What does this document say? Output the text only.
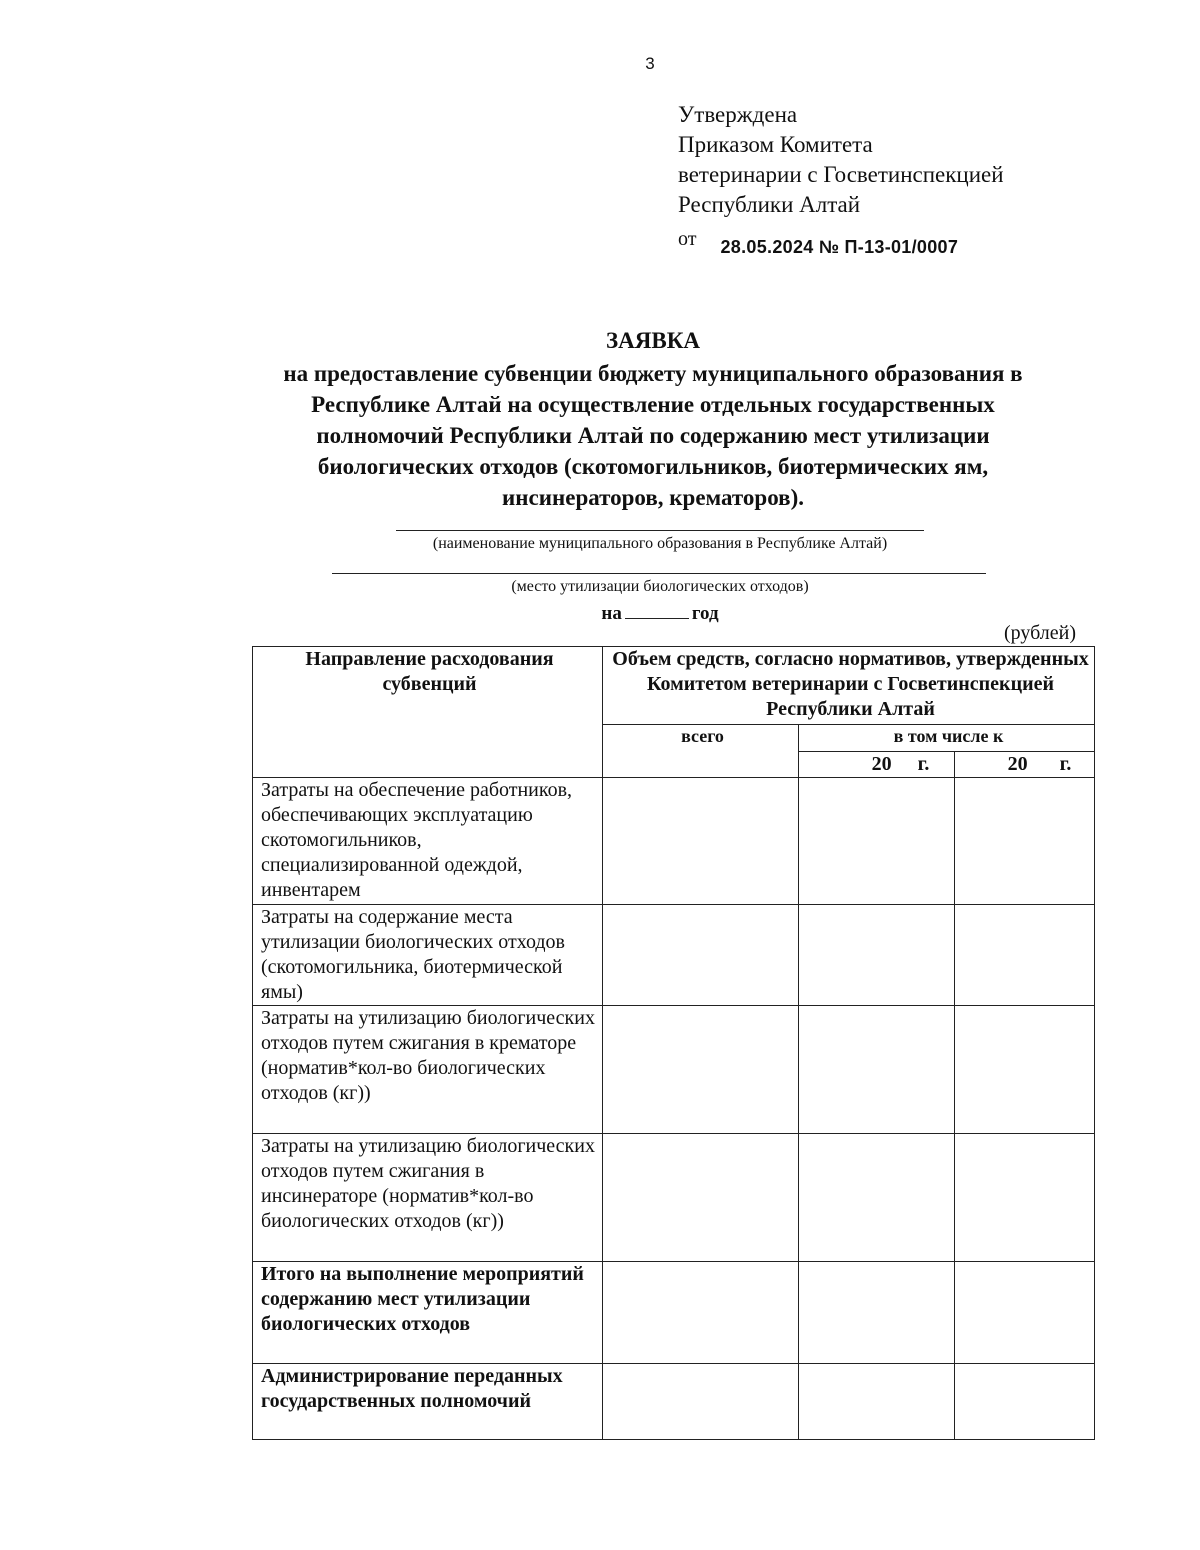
3
Утверждена
Приказом Комитета
ветеринарии с Госветинспекцией
Республики Алтай
от 28.05.2024 № П-13-01/0007
ЗАЯВКА
на предоставление субвенции бюджету муниципального образования в
Республике Алтай на осуществление отдельных государственных
полномочий Республики Алтай по содержанию мест утилизации
биологических отходов (скотомогильников, биотермических ям,
инсинераторов, крематоров).
(наименование муниципального образования в Республике Алтай)
(место утилизации биологических отходов)
на	год
(рублей)
Направление расходования субвенций	Объем средств, согласно нормативов, утвержденных Комитетом ветеринарии с Госветинспекцией Республики Алтай		
	всего	в том числе к	
		20 г.	20 г.
Затраты на обеспечение работников, обеспечивающих эксплуатацию скотомогильников, специализированной одеждой, инвентарем			
Затраты на содержание места утилизации биологических отходов (скотомогильника, биотермической ямы)			
Затраты на утилизацию биологических отходов путем сжигания в крематоре (норматив*кол-во биологических отходов (кг))			
Затраты на утилизацию биологических отходов путем сжигания в инсинераторе (норматив*кол-во биологических отходов (кг))			
Итого на выполнение мероприятий содержанию мест утилизации биологических отходов			
Администрирование переданных государственных полномочий			
